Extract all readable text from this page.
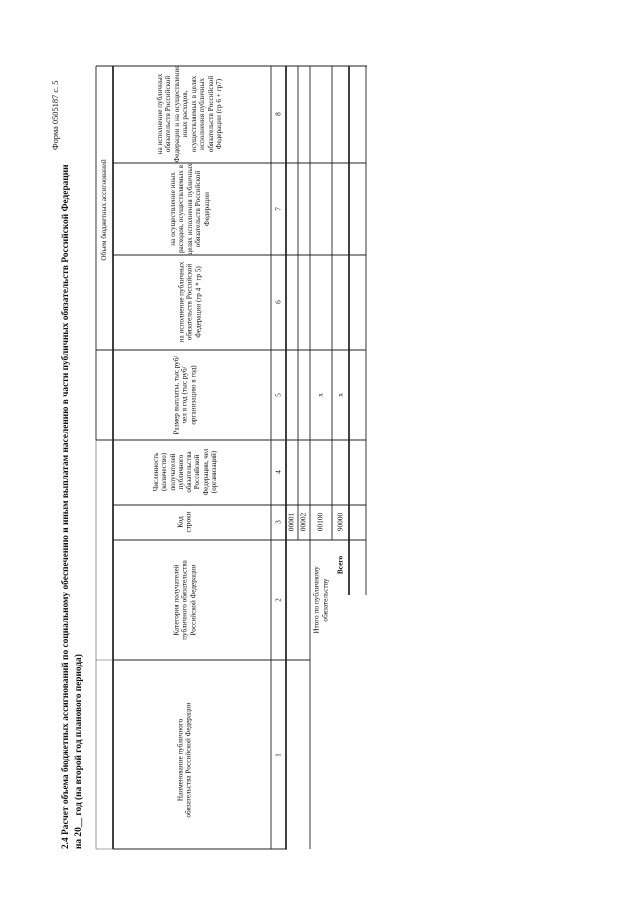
Форма 0505187 с. 5
2.4 Расчет объема бюджетных ассигнований по социальному обеспечению и иным выплатам населению в части публичных обязательств Российской Федерации на 20__ год (на второй год планового периода)	Наименование публичного обязательства Российской Федерации
Категория получателей публичного обязательства Российской Федерации
Код строки
Численность (количество) получателей публичного обязательства Российской Федерации, чел (организаций)
Размер выплаты, тыс руб/чел в год (тыс руб/организацию в год)
Объем бюджетных ассигнований
на исполнение публичных обязательств Российской Федерации (гр 4 * гр 5)
на осуществление иных расходов, осуществляемых в целях исполнения публичных обязательств Российской Федерации
на исполнение публичных обязательств Российской Федерации и на осуществление иных расходов, осуществляемых в целях исполнения публичных обязательств Российской Федерации (гр 6 + гр7)
1
2
3
4
5
6
7
8
00001 00002
Итого по публичному обязательству
00100
x
Всего
90000
x
